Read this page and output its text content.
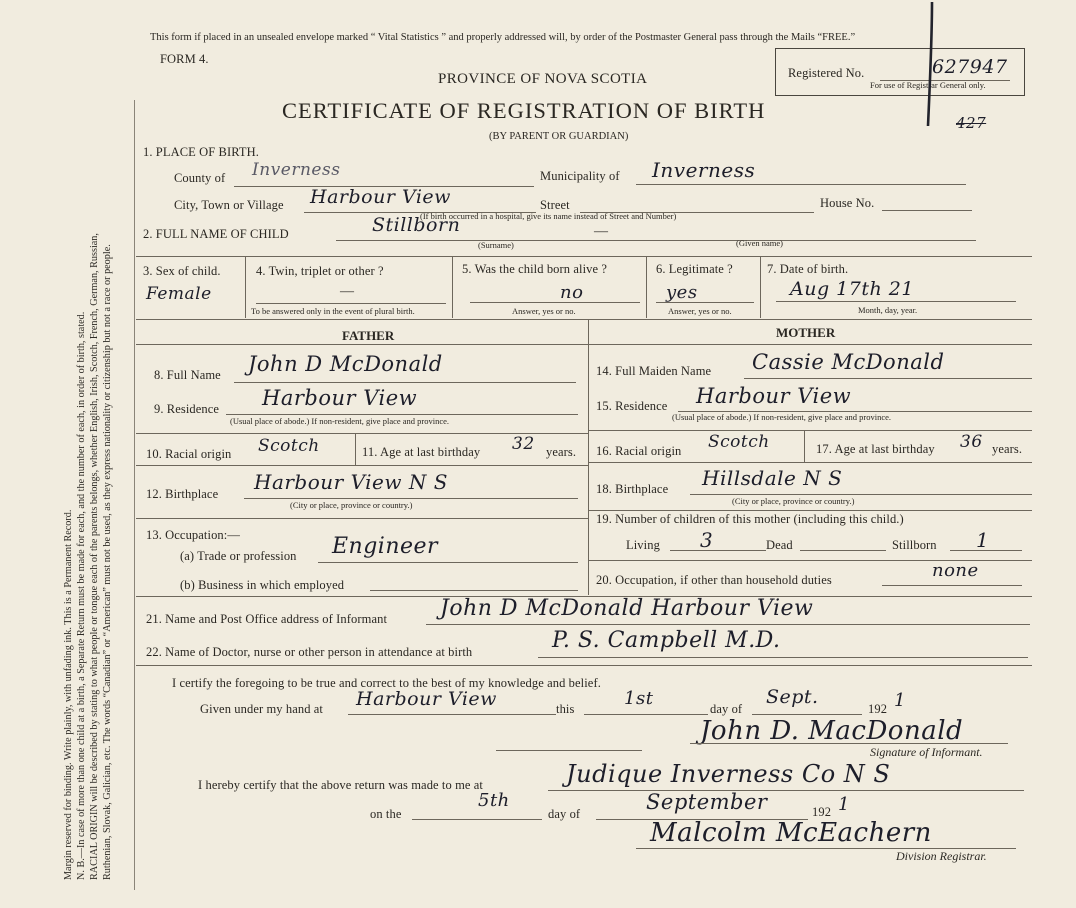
Margin reserved for binding. Write plainly, with unfading ink. This is a Permanent Record. N. B.—In case of more than one child at a birth, a Separate Return must be made for each, and the number of each, in order of birth, stated. RACIAL ORIGIN will be described by stating to what people or tongue each of the parents belongs, whether English, Irish, Scotch, French, German, Russian, Ruthenian, Slovak, Galician, etc. The words “Canadian” or “American” must not be used, as they express nationality or citizenship but not a race or people.
This form if placed in an unsealed envelope marked “ Vital Statistics ” and properly addressed will, by order of the Postmaster General pass through the Mails “FREE.”
FORM 4.
PROVINCE OF NOVA SCOTIA
CERTIFICATE OF REGISTRATION OF BIRTH
(BY PARENT OR GUARDIAN)
Registered No.	627947
For use of Registrar General only.
427
1. PLACE OF BIRTH.
County of Inverness	Municipality of Inverness
City, Town or Village Harbour View	Street	House No.
(If birth occurred in a hospital, give its name instead of Street and Number)
2. FULL NAME OF CHILD	Stillborn	—
(Surname)	(Given name)
3. Sex of child.
Female
4. Twin, triplet or other ?
—
To be answered only in the event of plural birth.
5. Was the child born alive ?
no
Answer, yes or no.
6. Legitimate ?
yes
Answer, yes or no.
7. Date of birth.
Aug 17th 21
Month, day, year.
FATHER	MOTHER
8. Full Name John D McDonald
9. Residence Harbour View
(Usual place of abode.) If non-resident, give place and province.
10. Racial origin Scotch	11. Age at last birthday 32 years.
12. Birthplace Harbour View N S
(City or place, province or country.)
13. Occupation:—
(a) Trade or profession Engineer
(b) Business in which employed
14. Full Maiden Name Cassie McDonald
15. Residence Harbour View
(Usual place of abode.) If non-resident, give place and province.
16. Racial origin Scotch	17. Age at last birthday 36 years.
18. Birthplace Hillsdale N S
(City or place, province or country.)
19. Number of children of this mother (including this child.)
Living 3	Dead	Stillborn 1
20. Occupation, if other than household duties	none
21. Name and Post Office address of Informant John D McDonald Harbour View
22. Name of Doctor, nurse or other person in attendance at birth	P. S. Campbell M.D.
I certify the foregoing to be true and correct to the best of my knowledge and belief.
Given under my hand at Harbour View	this	1st	day of
Sept.
192 1
John D. MacDonald
Signature of Informant.
I hereby certify that the above return was made to me at	Judique Inverness Co N S
on the
5th
day of	September	192 1
Malcolm McEachern
Division Registrar.
